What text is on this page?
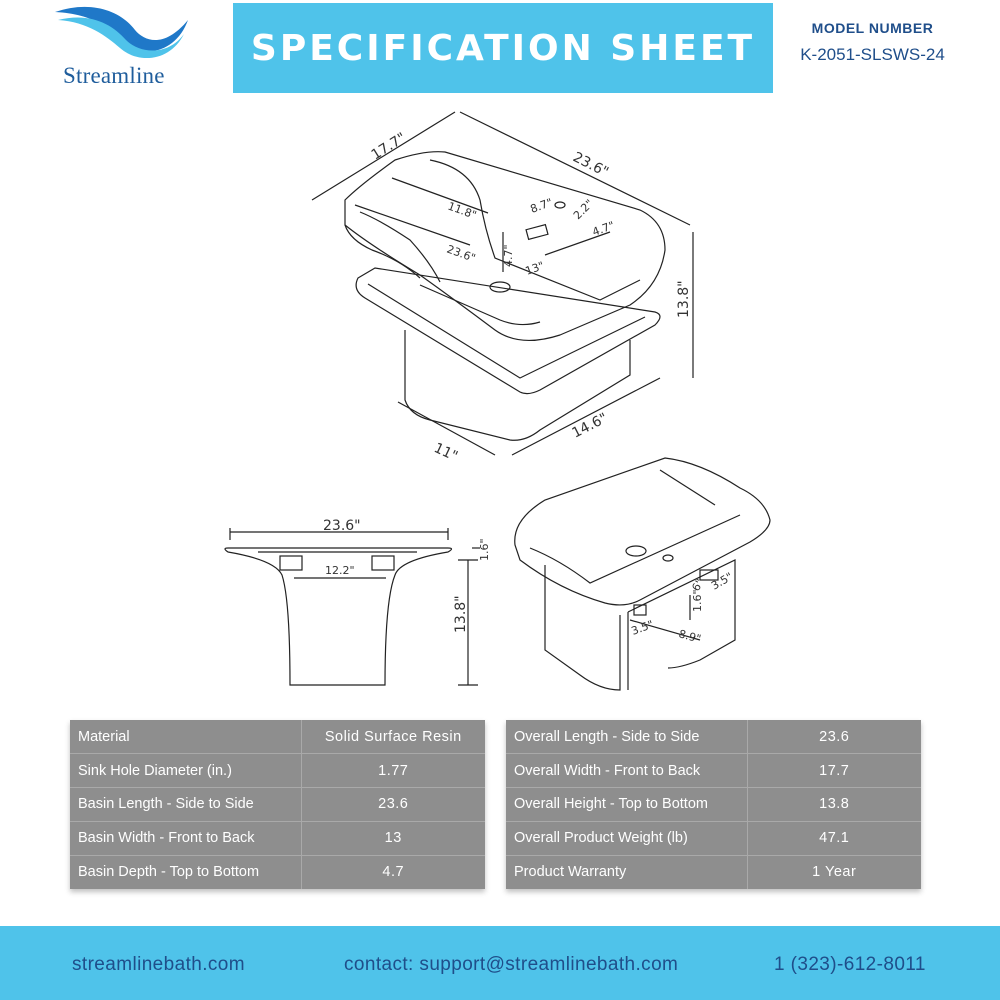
Streamline
SPECIFICATION SHEET	MODEL NUMBER
K-2051-SLSWS-24
17.7"
23.6"
11.8"
23.6"
8.7" 2.2"
4.7"
4.7"
13"
13.8"
11"
14.6"
23.6"
12.2"
1.6"
13.8"
6" 3.5"
1.6"
3.5" 8.9"
Material	Solid Surface Resin
Sink Hole Diameter (in.)	1.77
Basin Length - Side to Side	23.6
Basin Width - Front to Back	13
Basin Depth - Top to Bottom	4.7
Overall Length - Side to Side	23.6
Overall Width - Front to Back	17.7
Overall Height - Top to Bottom	13.8
Overall Product Weight (lb)	47.1
Product Warranty	1 Year
streamlinebath.com	contact: support@streamlinebath.com	1 (323)-612-8011
